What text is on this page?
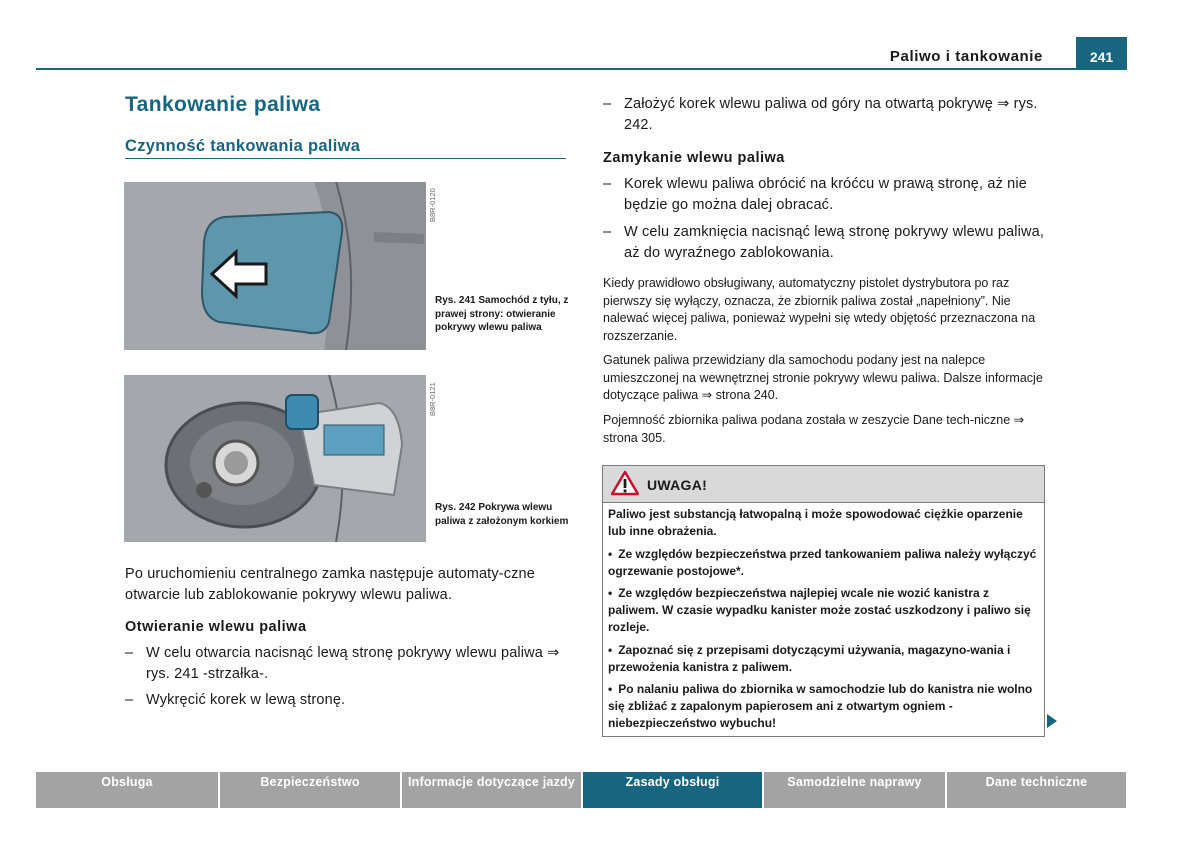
Paliwo i tankowanie	241
Tankowanie paliwa
Czynność tankowania paliwa
B8R-0120
Rys. 241 Samochód z tyłu, z prawej strony: otwieranie pokrywy wlewu paliwa
B8R-0121
Rys. 242 Pokrywa wlewu paliwa z założonym korkiem
Po uruchomieniu centralnego zamka następuje automaty-czne otwarcie lub zablokowanie pokrywy wlewu paliwa.
Otwieranie wlewu paliwa
– W celu otwarcia nacisnąć lewą stronę pokrywy wlewu paliwa ⇒ rys. 241 -strzałka-.
– Wykręcić korek w lewą stronę.
– Założyć korek wlewu paliwa od góry na otwartą pokrywę ⇒ rys. 242.
Zamykanie wlewu paliwa
– Korek wlewu paliwa obrócić na króćcu w prawą stronę, aż nie będzie go można dalej obracać.
– W celu zamknięcia nacisnąć lewą stronę pokrywy wlewu paliwa, aż do wyraźnego zablokowania.
Kiedy prawidłowo obsługiwany, automatyczny pistolet dystrybutora po raz pierwszy się wyłączy, oznacza, że zbiornik paliwa został „napełniony”. Nie nalewać więcej paliwa, ponieważ wypełni się wtedy objętość przeznaczona na rozszerzanie.
Gatunek paliwa przewidziany dla samochodu podany jest na nalepce umieszczonej na wewnętrznej stronie pokrywy wlewu paliwa. Dalsze informacje dotyczące paliwa ⇒ strona 240.
Pojemność zbiornika paliwa podana została w zeszycie Dane tech-niczne ⇒ strona 305.
UWAGA!
Paliwo jest substancją łatwopalną i może spowodować ciężkie oparzenie lub inne obrażenia.
• Ze względów bezpieczeństwa przed tankowaniem paliwa należy wyłączyć ogrzewanie postojowe*.
• Ze względów bezpieczeństwa najlepiej wcale nie wozić kanistra z paliwem. W czasie wypadku kanister może zostać uszkodzony i paliwo się rozleje.
• Zapoznać się z przepisami dotyczącymi używania, magazyno-wania i przewożenia kanistra z paliwem.
• Po nalaniu paliwa do zbiornika w samochodzie lub do kanistra nie wolno się zbliżać z zapalonym papierosem ani z otwartym ogniem - niebezpieczeństwo wybuchu!
Obsługa	Bezpieczeństwo	Informacje dotyczące jazdy	Zasady obsługi	Samodzielne naprawy	Dane techniczne
